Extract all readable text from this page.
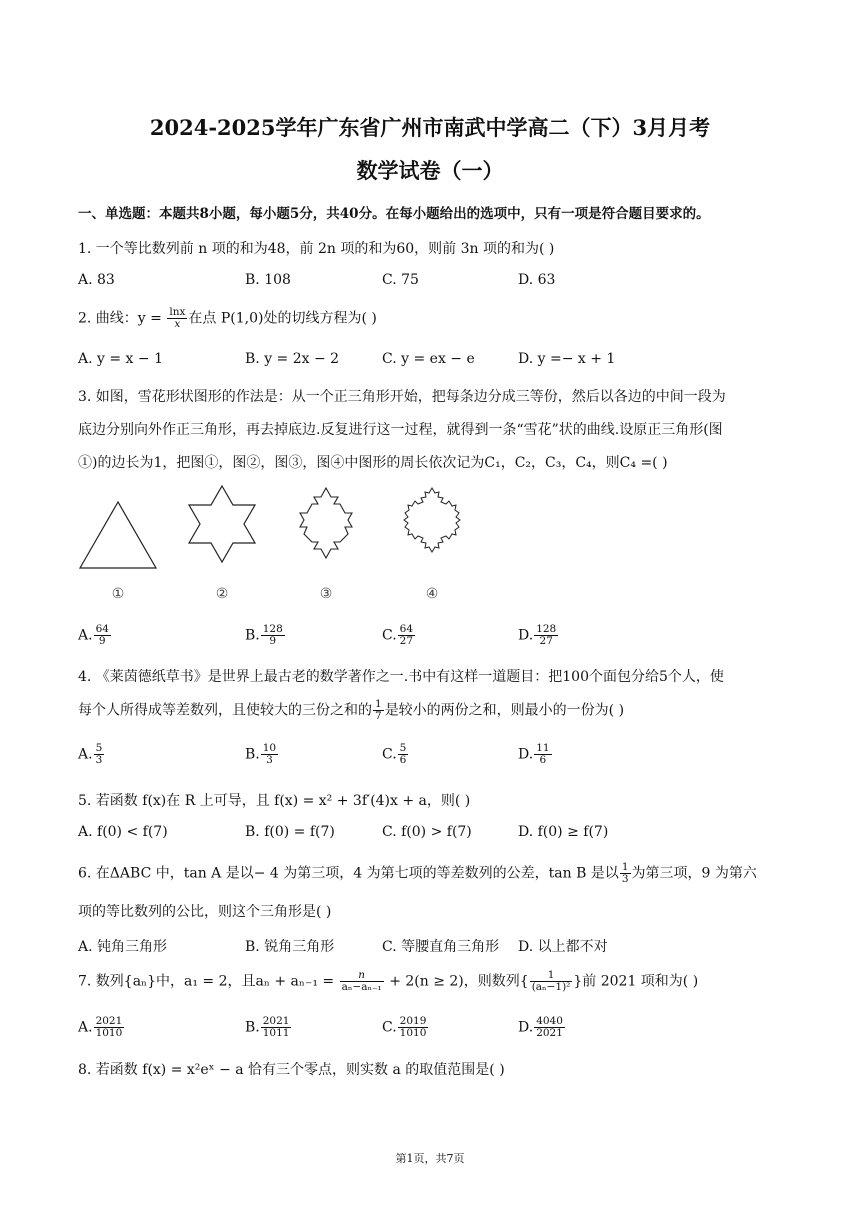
2024-2025学年广东省广州市南武中学高二（下）3月月考
数学试卷（一）
一、单选题：本题共8小题，每小题5分，共40分。在每小题给出的选项中，只有一项是符合题目要求的。
1. 一个等比数列前 n 项的和为48，前 2n 项的和为60，则前 3n 项的和为( )
A. 83	B. 108	C. 75	D. 63
2. 曲线：$y = \frac{\ln x}{x}$ 在点 P(1,0)处的切线方程为( )
A. y = x − 1	B. y = 2x − 2	C. y = ex − e	D. y =− x + 1
3. 如图，雪花形状图形的作法是：从一个正三角形开始，把每条边分成三等份，然后以各边的中间一段为
底边分别向外作正三角形，再去掉底边.反复进行这一过程，就得到一条“雪花”状的曲线.设原正三角形(图
①)的边长为1，把图①，图②，图③，图④中图形的周长依次记为C₁，C₂，C₃，C₄，则C₄ =( )
①	②	③	④
A. $\frac{64}{9}$	B. $\frac{128}{9}$	C. $\frac{64}{27}$	D. $\frac{128}{27}$
4. 《莱茵德纸草书》是世界上最古老的数学著作之一.书中有这样一道题目：把100个面包分给5个人，使
每个人所得成等差数列，且使较大的三份之和的 $\frac{1}{7}$ 是较小的两份之和，则最小的一份为( )
A. $\frac{5}{3}$	B. $\frac{10}{3}$	C. $\frac{5}{6}$	D. $\frac{11}{6}$
5. 若函数 f(x)在 R 上可导，且 f(x) = x² + 3f′(4)x + a，则( )
A. f(0) < f(7)	B. f(0) = f(7)	C. f(0) > f(7)	D. f(0) ≥ f(7)
6. 在ΔABC 中，tan A 是以− 4 为第三项，4 为第七项的等差数列的公差，tan B 是以 $\frac{1}{3}$ 为第三项，9 为第六
项的等比数列的公比，则这个三角形是( )
A. 钝角三角形	B. 锐角三角形	C. 等腰直角三角形 D. 以上都不对
7. 数列{aₙ}中，a₁ = 2，且$a_n + a_{n-1} = \frac{n}{\text{aₙ−aₙ₋₁}} + 2(n \ge 2)$，则数列{ $\frac{1}{\text{(aₙ−1)²}}$ }前 2021 项和为( )
A. $\frac{2021}{1010}$	B. $\frac{2021}{1011}$	C. $\frac{2019}{1010}$	D. $\frac{4040}{2021}$
8. 若函数 f(x) = x²eˣ − a 恰有三个零点，则实数 a 的取值范围是( )
第1页，共7页
